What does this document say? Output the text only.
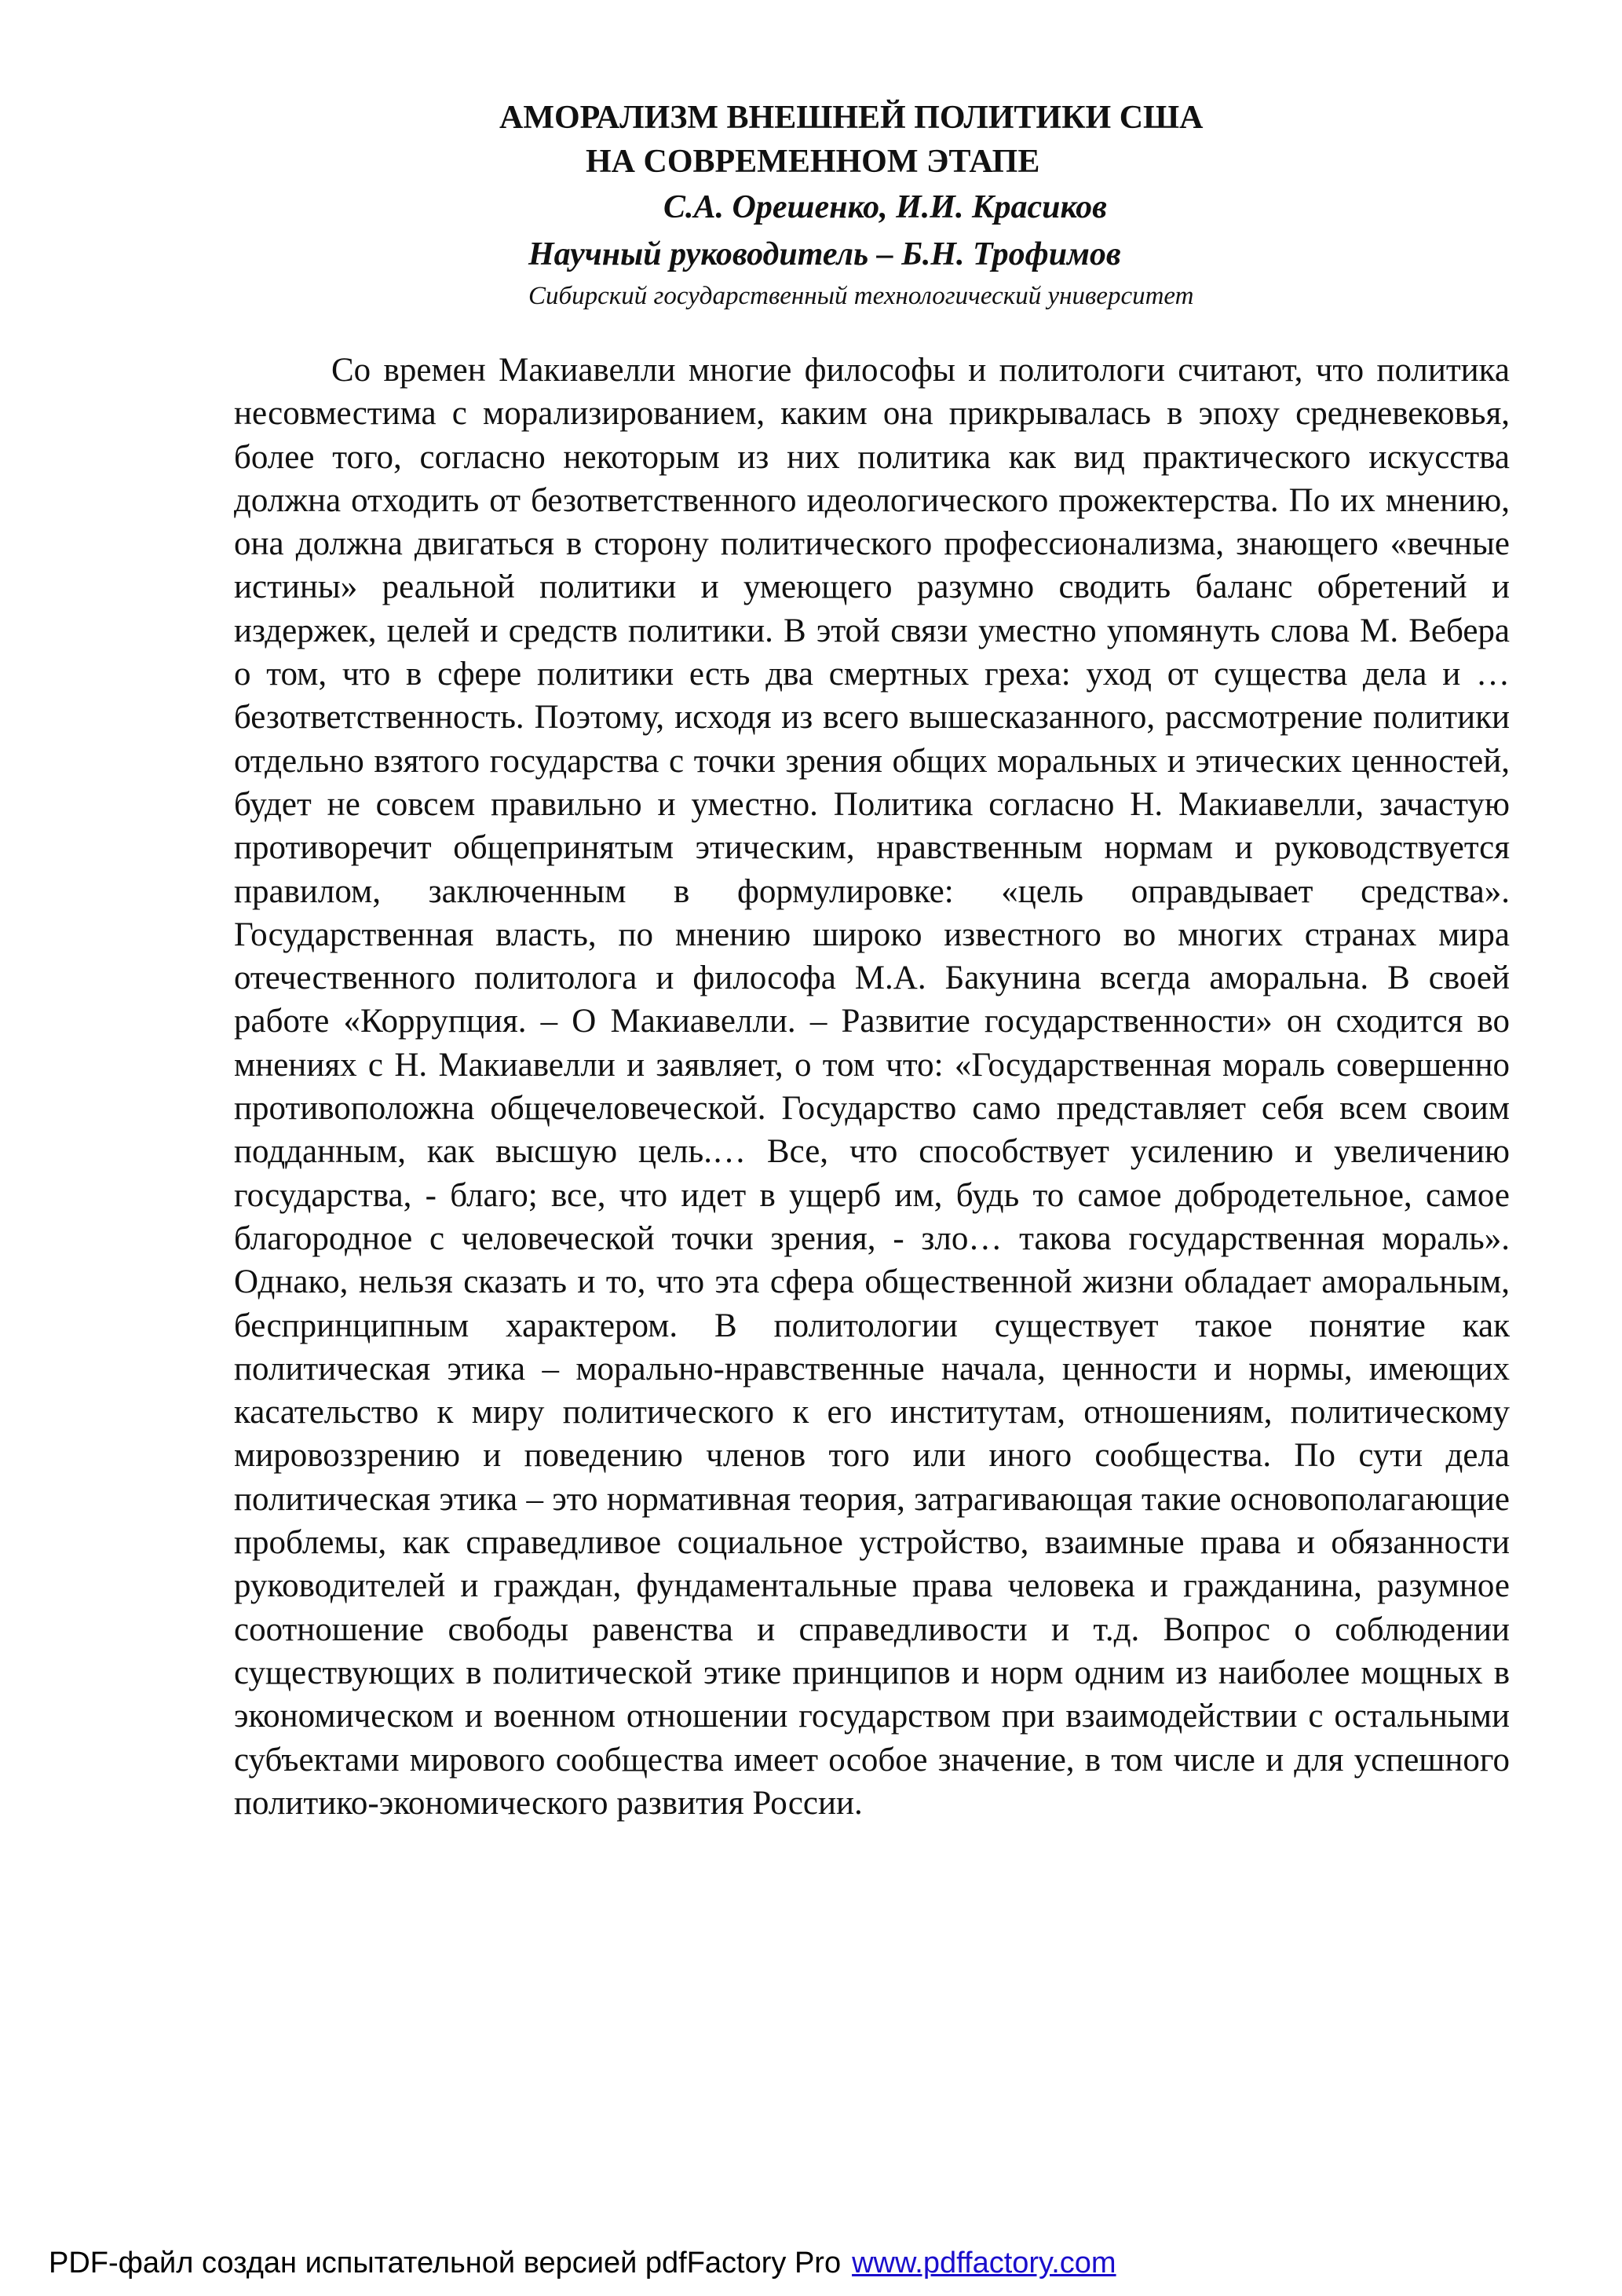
АМОРАЛИЗМ ВНЕШНЕЙ ПОЛИТИКИ США
НА СОВРЕМЕННОМ ЭТАПЕ
С.А. Орешенко, И.И. Красиков
Научный руководитель – Б.Н. Трофимов
Сибирский государственный технологический университет

Со времен Макиавелли многие философы и политологи считают, что политика несовместима с морализированием, каким она прикрывалась в эпоху средневековья, более того, согласно некоторым из них политика как вид практического искусства должна отходить от безответственного идеологического прожектерства. По их мнению, она должна двигаться в сторону политического профессионализма, знающего «вечные истины» реальной политики и умеющего разумно сводить баланс обретений и издержек, целей и средств политики. В этой связи уместно упомянуть слова М. Вебера о том, что в сфере политики есть два смертных греха: уход от существа дела и … безответственность. Поэтому, исходя из всего вышесказанного, рассмотрение политики отдельно взятого государства с точки зрения общих моральных и этических ценностей, будет не совсем правильно и уместно. Политика согласно Н. Макиавелли, зачастую противоречит общепринятым этическим, нравственным нормам и руководствуется правилом, заключенным в формулировке: «цель оправдывает средства». Государственная власть, по мнению широко известного во многих странах мира отечественного политолога и философа М.А. Бакунина всегда аморальна. В своей работе «Коррупция. – О Макиавелли. – Развитие государственности» он сходится во мнениях с Н. Макиавелли и заявляет, о том что: «Государственная мораль совершенно противоположна общечеловеческой. Государство само представляет себя всем своим подданным, как высшую цель.… Все, что способствует усилению и увеличению государства, - благо; все, что идет в ущерб им, будь то самое добродетельное, самое благородное с человеческой точки зрения, - зло… такова государственная мораль». Однако, нельзя сказать и то, что эта сфера общественной жизни обладает аморальным, беспринципным характером. В политологии существует такое понятие как политическая этика – морально-нравственные начала, ценности и нормы, имеющих касательство к миру политического к его институтам, отношениям, политическому мировоззрению и поведению членов того или иного сообщества. По сути дела политическая этика – это нормативная теория, затрагивающая такие основополагающие проблемы, как справедливое социальное устройство, взаимные права и обязанности руководителей и граждан, фундаментальные права человека и гражданина, разумное соотношение свободы равенства и справедливости и т.д. Вопрос о соблюдении существующих в политической этике принципов и норм одним из наиболее мощных в экономическом и военном отношении государством при взаимодействии с остальными субъектами мирового сообщества имеет особое значение, в том числе и для успешного политико-экономического развития России.

PDF-файл создан испытательной версией pdfFactory Pro www.pdffactory.com
